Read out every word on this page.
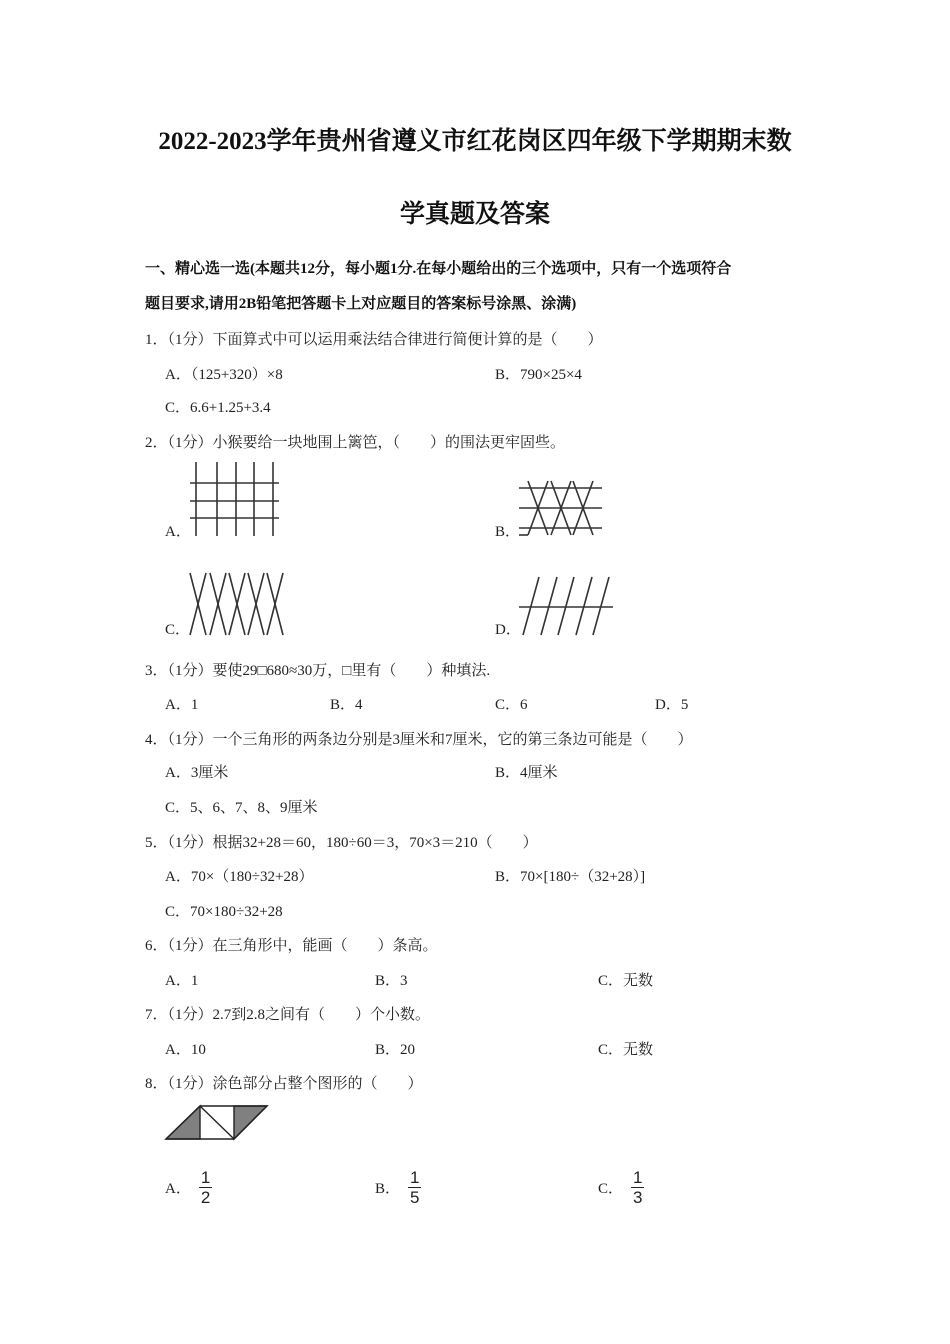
2022-2023学年贵州省遵义市红花岗区四年级下学期期末数
学真题及答案
一、精心选一选(本题共12分，每小题1分.在每小题给出的三个选项中，只有一个选项符合
题目要求,请用2B铅笔把答题卡上对应题目的答案标号涂黑、涂满)
1．（1分）下面算式中可以运用乘法结合律进行简便计算的是（　　）
A．（125+320）×8	B．790×25×4
C．6.6+1.25+3.4
2．（1分）小猴要给一块地围上篱笆，（　　）的围法更牢固些。
A．	B．
C．	D．
3．（1分）要使29□680≈30万，□里有（　　）种填法.
A．1	B．4	C．6	D．5
4．（1分）一个三角形的两条边分别是3厘米和7厘米，它的第三条边可能是（　　）
A．3厘米	B．4厘米
C．5、6、7、8、9厘米
5．（1分）根据32+28＝60，180÷60＝3，70×3＝210（　　）
A．70×（180÷32+28）	B．70×[180÷（32+28）]
C．70×180÷32+28
6．（1分）在三角形中，能画（　　）条高。
A．1	B．3	C．无数
7．（1分）2.7到2.8之间有（　　）个小数。
A．10	B．20	C．无数
8．（1分）涂色部分占整个图形的（　　）
A． $\frac{1}{2}$	B． $\frac{1}{5}$	C． $\frac{1}{3}$
